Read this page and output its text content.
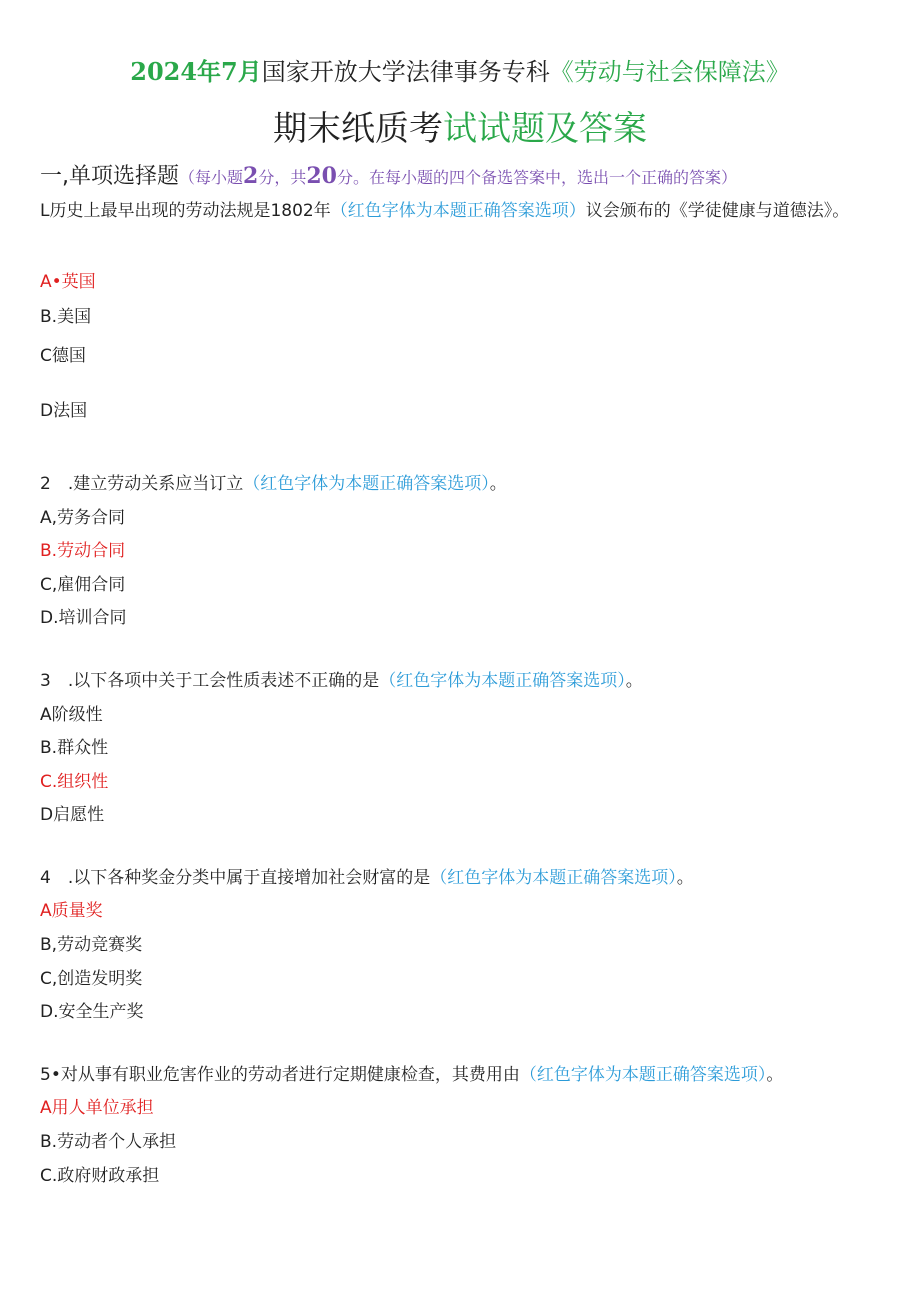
2024年7月国家开放大学法律事务专科《劳动与社会保障法》
期末纸质考试试题及答案
一,单项选择题（每小题2分，共20分。在每小题的四个备选答案中，选出一个正确的答案）
L历史上最早出现的劳动法规是1802年（红色字体为本题正确答案选项）议会颁布的《学徒健康与道德法》。
A•英国
B.美国
C德国
D法国
2　.建立劳动关系应当订立（红色字体为本题正确答案选项）。
A,劳务合同
B.劳动合同
C,雇佣合同
D.培训合同
3　.以下各项中关于工会性质表述不正确的是（红色字体为本题正确答案选项）。
A阶级性
B.群众性
C.组织性
D启愿性
4　.以下各种奖金分类中属于直接增加社会财富的是（红色字体为本题正确答案选项）。
A质量奖
B,劳动竞赛奖
C,创造发明奖
D.安全生产奖
5•对从事有职业危害作业的劳动者进行定期健康检查，其费用由（红色字体为本题正确答案选项）。
A用人单位承担
B.劳动者个人承担
C.政府财政承担
